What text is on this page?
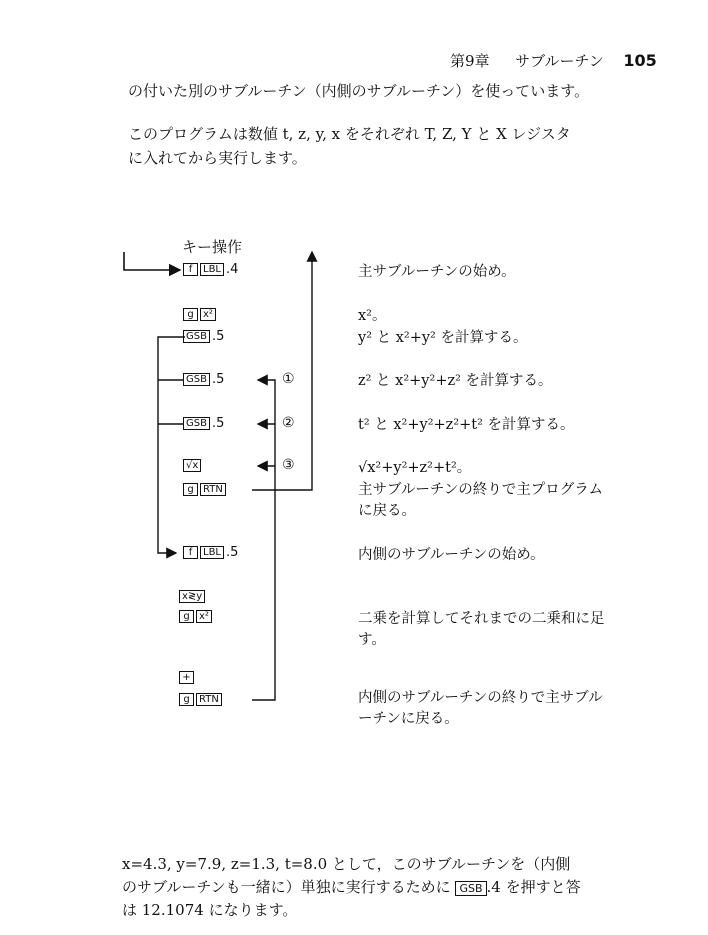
第9章 サブルーチン 105
の付いた別のサブルーチン（内側のサブルーチン）を使っています。
このプログラムは数値 t, z, y, x をそれぞれ T, Z, Y と X レジスタ
に入れてから実行します。
キー操作
①
②
③
f LBL .4
g x²
GSB .5
GSB .5
GSB .5
√x
g RTN
f LBL .5
x≷y
g x²
+
g RTN
主サブルーチンの始め。
x²。
y² と x²+y² を計算する。
z² と x²+y²+z² を計算する。
t² と x²+y²+z²+t² を計算する。
√x²+y²+z²+t²。
主サブルーチンの終りで主プログラム
に戻る。
内側のサブルーチンの始め。
二乗を計算してそれまでの二乗和に足
す。
内側のサブルーチンの終りで主サブル
ーチンに戻る。
x=4.3, y=7.9, z=1.3, t=8.0 として，このサブルーチンを（内側
のサブルーチンも一緒に）単独に実行するために GSB .4 を押すと答
は 12.1074 になります。
